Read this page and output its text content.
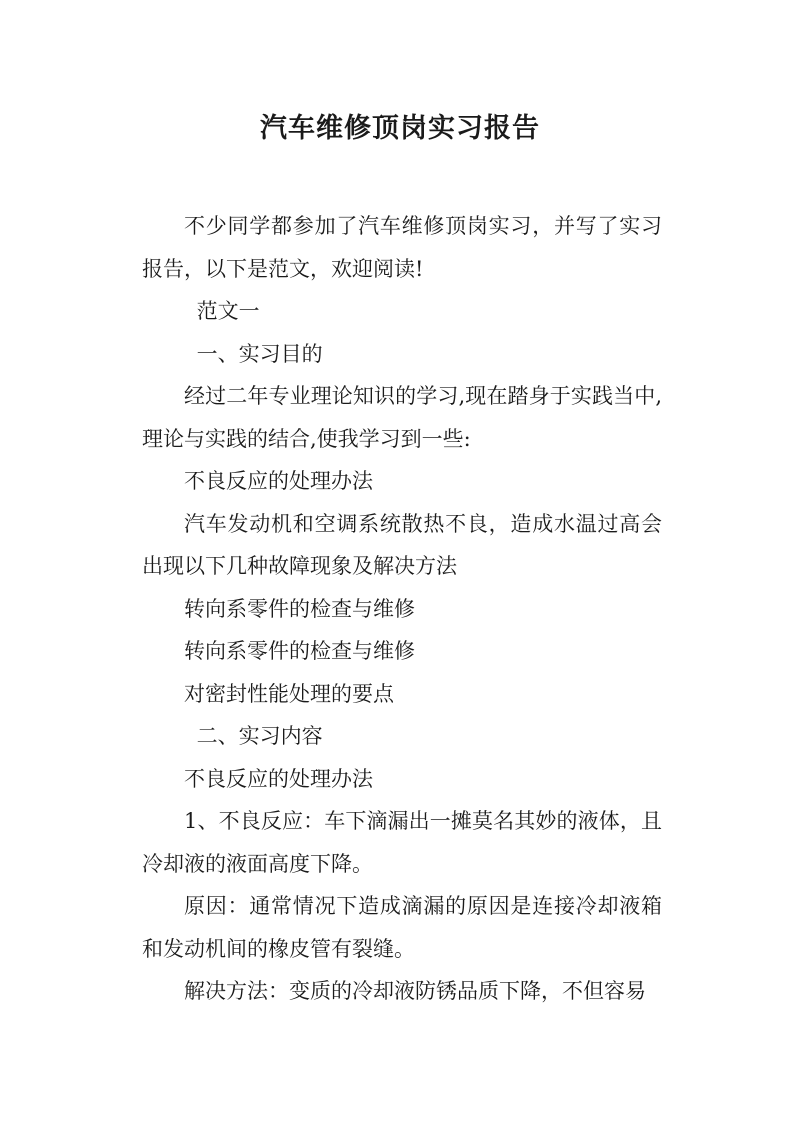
汽车维修顶岗实习报告

不少同学都参加了汽车维修顶岗实习，并写了实习报告，以下是范文，欢迎阅读!

范文一

一、实习目的

经过二年专业理论知识的学习,现在踏身于实践当中,理论与实践的结合,使我学习到一些:

不良反应的处理办法

汽车发动机和空调系统散热不良，造成水温过高会出现以下几种故障现象及解决方法

转向系零件的检查与维修

转向系零件的检查与维修

对密封性能处理的要点

二、实习内容

不良反应的处理办法

1、不良反应：车下滴漏出一摊莫名其妙的液体，且冷却液的液面高度下降。

原因：通常情况下造成滴漏的原因是连接冷却液箱和发动机间的橡皮管有裂缝。

解决方法：变质的冷却液防锈品质下降，不但容易
